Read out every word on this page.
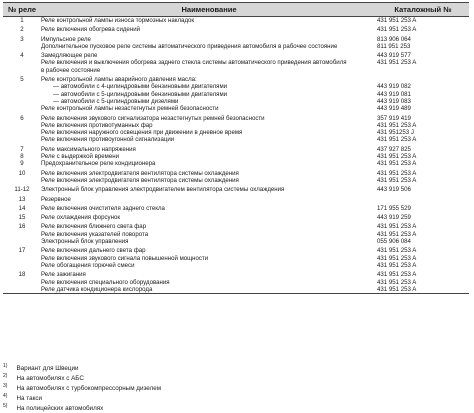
№ реле	Наименование	Каталожный №
1	Реле контрольной лампы износа тормозных накладок	431 951 253 A
2	Реле включения обогрева сидений	431 951 253 A
3	Импульсное реле	813 906 064
	Дополнительное пусковое реле системы автоматического приведения автомобиля в рабочее состояние	811 951 253
4	Замедляющее реле	443 919 577
	Реле включения и выключения обогрева заднего стекла системы автоматического приведения автомобиля	431 951 253 A
	в рабочее состояние	
5	Реле контрольной лампы аварийного давления масла:	
	— автомобили с 4-цилиндровыми бензиновыми двигателями	443 919 082
	— автомобили с 5-цилиндровыми бензиновыми двигателями	443 919 081
	— автомобили с 5-цилиндровыми дизелями	443 919 083
	Реле контрольной лампы незастегнутых ремней безопасности	443 919 489
6	Реле включения звукового сигнализатора незастегнутых ремней безопасности	357 919 419
	Реле включения противотуманных фар	431 951 253 A
	Реле включения наружного освещения при движении в дневное время	431 951253 J
	Реле включения противоугонной сигнализации	431 951 253 A
7	Реле максимального напряжения	437 927 825
8	Реле с выдержкой времени	431 951 253 A
9	Предохранительное реле кондиционера	431 951 253 A
10	Реле включения электродвигателя вентилятора системы охлаждения	431 951 253 A
	Реле включения электродвигателя вентилятора системы охлаждения	431 951 253 A
11-12	Электронный блок управления электродвигателем вентилятора системы охлаждения	443 919 506
13	Резервное	
14	Реле включения очистителя заднего стекла	171 955 529
15	Реле охлаждения форсунок	443 919 259
16	Реле включения ближнего света фар	431 951 253 A
	Реле включения указателей поворота	431 951 253 A
	Электронный блок управления	055 906 084
17	Реле включения дальнего света фар	431 951 253 A
	Реле включения звукового сигнала повышенной мощности	431 951 253 A
	Реле обогащения горючей смеси	431 951 253 A
18	Реле зажигания	431 951 253 A
	Реле включения специального оборудования	431 951 253 A
	Реле датчика кондиционера кислорода	431 951 253 A
$^{1)}$ Вариант для Швеции
$^{2)}$ На автомобилях с АБС
$^{3)}$ На автомобилях с турбокомпрессорным дизелем
$^{4)}$ На такси
$^{5)}$ На полицейских автомобилях
